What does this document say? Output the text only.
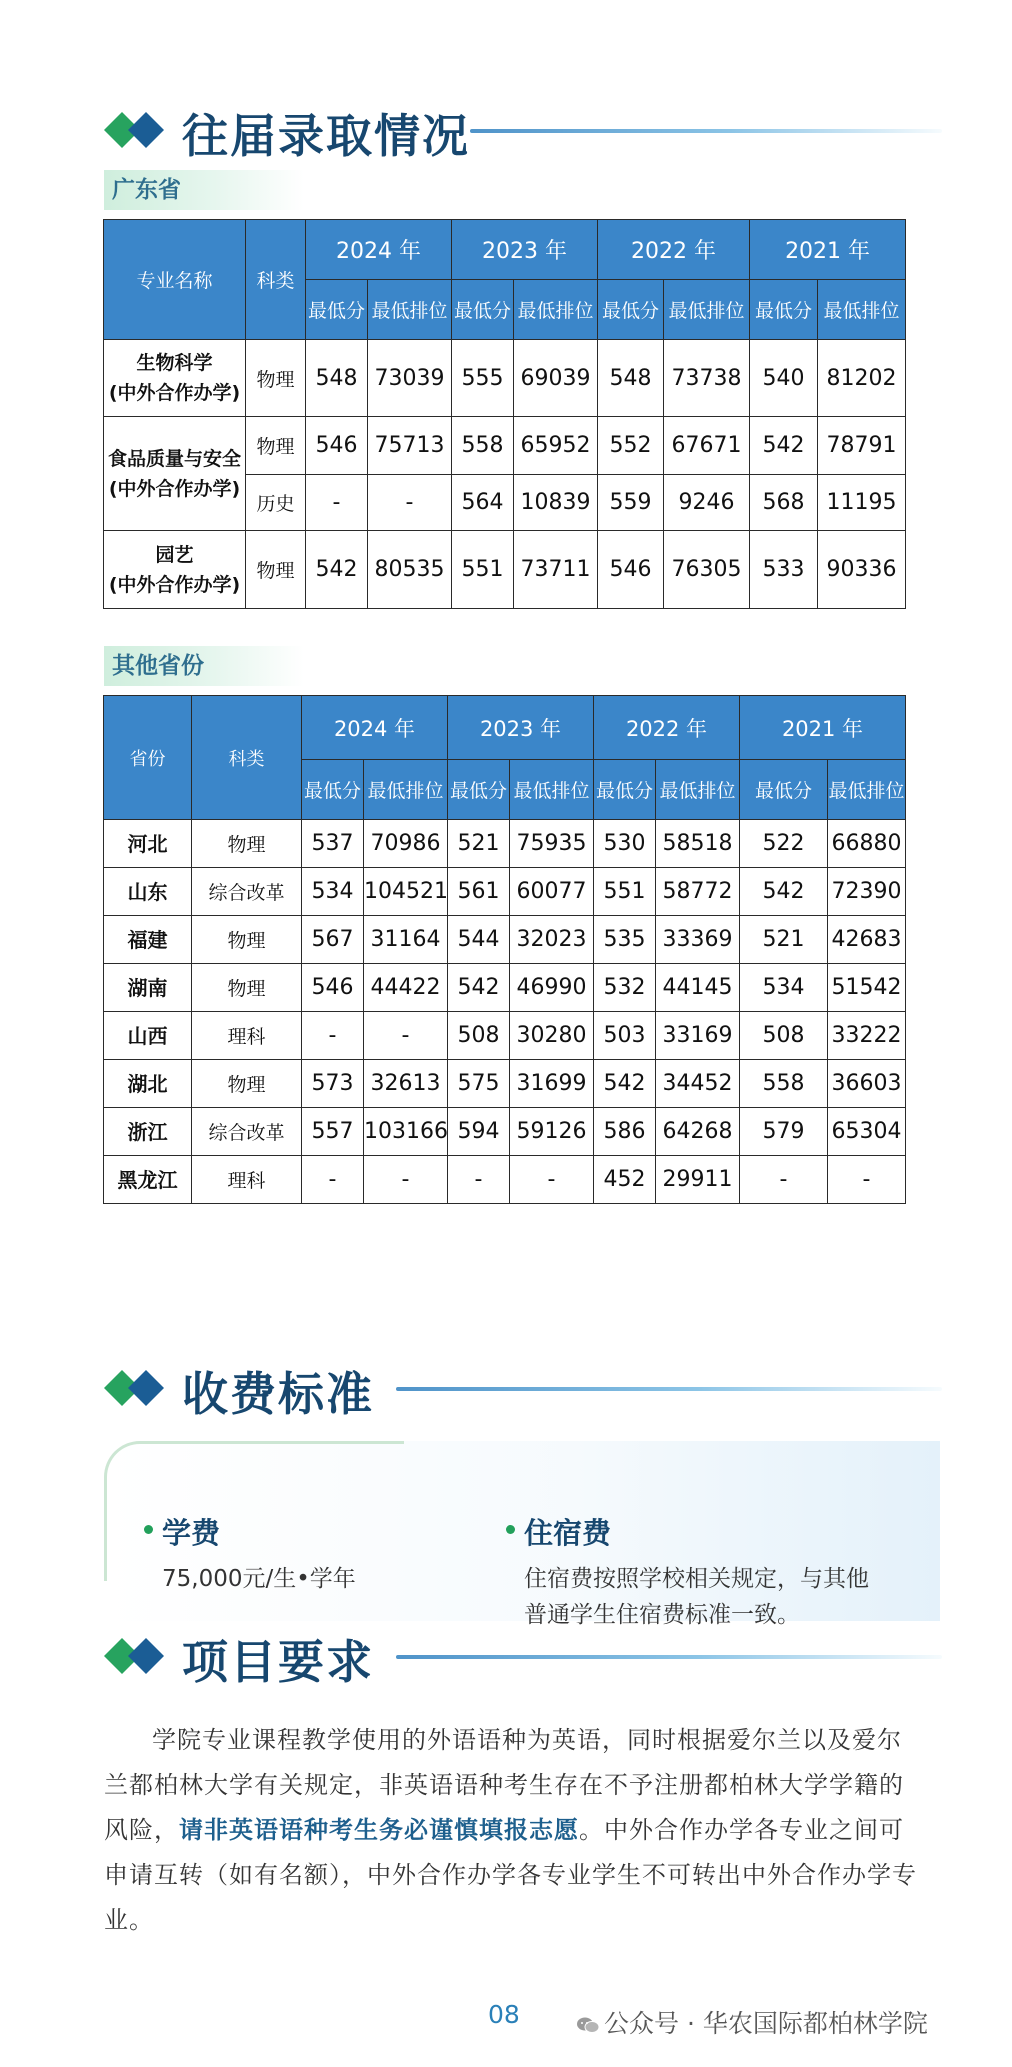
往届录取情况
广东省
专业名称	科类	2024 年		2023 年		2022 年		2021 年	
		最低分	最低排位	最低分	最低排位	最低分	最低排位	最低分	最低排位

生物科学
(中外合作办学)	物理	548	73039	555	69039	548	73738	540	81202

食品质量与安全
(中外合作办学)	物理	546	75713	558	65952	552	67671	542	78791
	历史	-	-	564	10839	559	9246	568	11195

园艺
(中外合作办学)	物理	542	80535	551	73711	546	76305	533	90336
其他省份
省份	科类	2024 年		2023 年		2022 年		2021 年	
		最低分	最低排位	最低分	最低排位	最低分	最低排位	最低分	最低排位
河北	物理	537	70986	521	75935	530	58518	522	66880
山东	综合改革	534	104521	561	60077	551	58772	542	72390
福建	物理	567	31164	544	32023	535	33369	521	42683
湖南	物理	546	44422	542	46990	532	44145	534	51542
山西	理科	-	-	508	30280	503	33169	508	33222
湖北	物理	573	32613	575	31699	542	34452	558	36603
浙江	综合改革	557	103166	594	59126	586	64268	579	65304
黑龙江	理科	-	-	-	-	452	29911	-	-
收费标准
学费
75,000元/生•学年
住宿费
住宿费按照学校相关规定，与其他
普通学生住宿费标准一致。
项目要求

学院专业课程教学使用的外语语种为英语，同时根据爱尔兰以及爱尔兰都柏林大学有关规定，非英语语种考生存在不予注册都柏林大学学籍的风险，请非英语语种考生务必谨慎填报志愿。中外合作办学各专业之间可申请互转（如有名额），中外合作办学各专业学生不可转出中外合作办学专业。

08	公众号 · 华农国际都柏林学院
